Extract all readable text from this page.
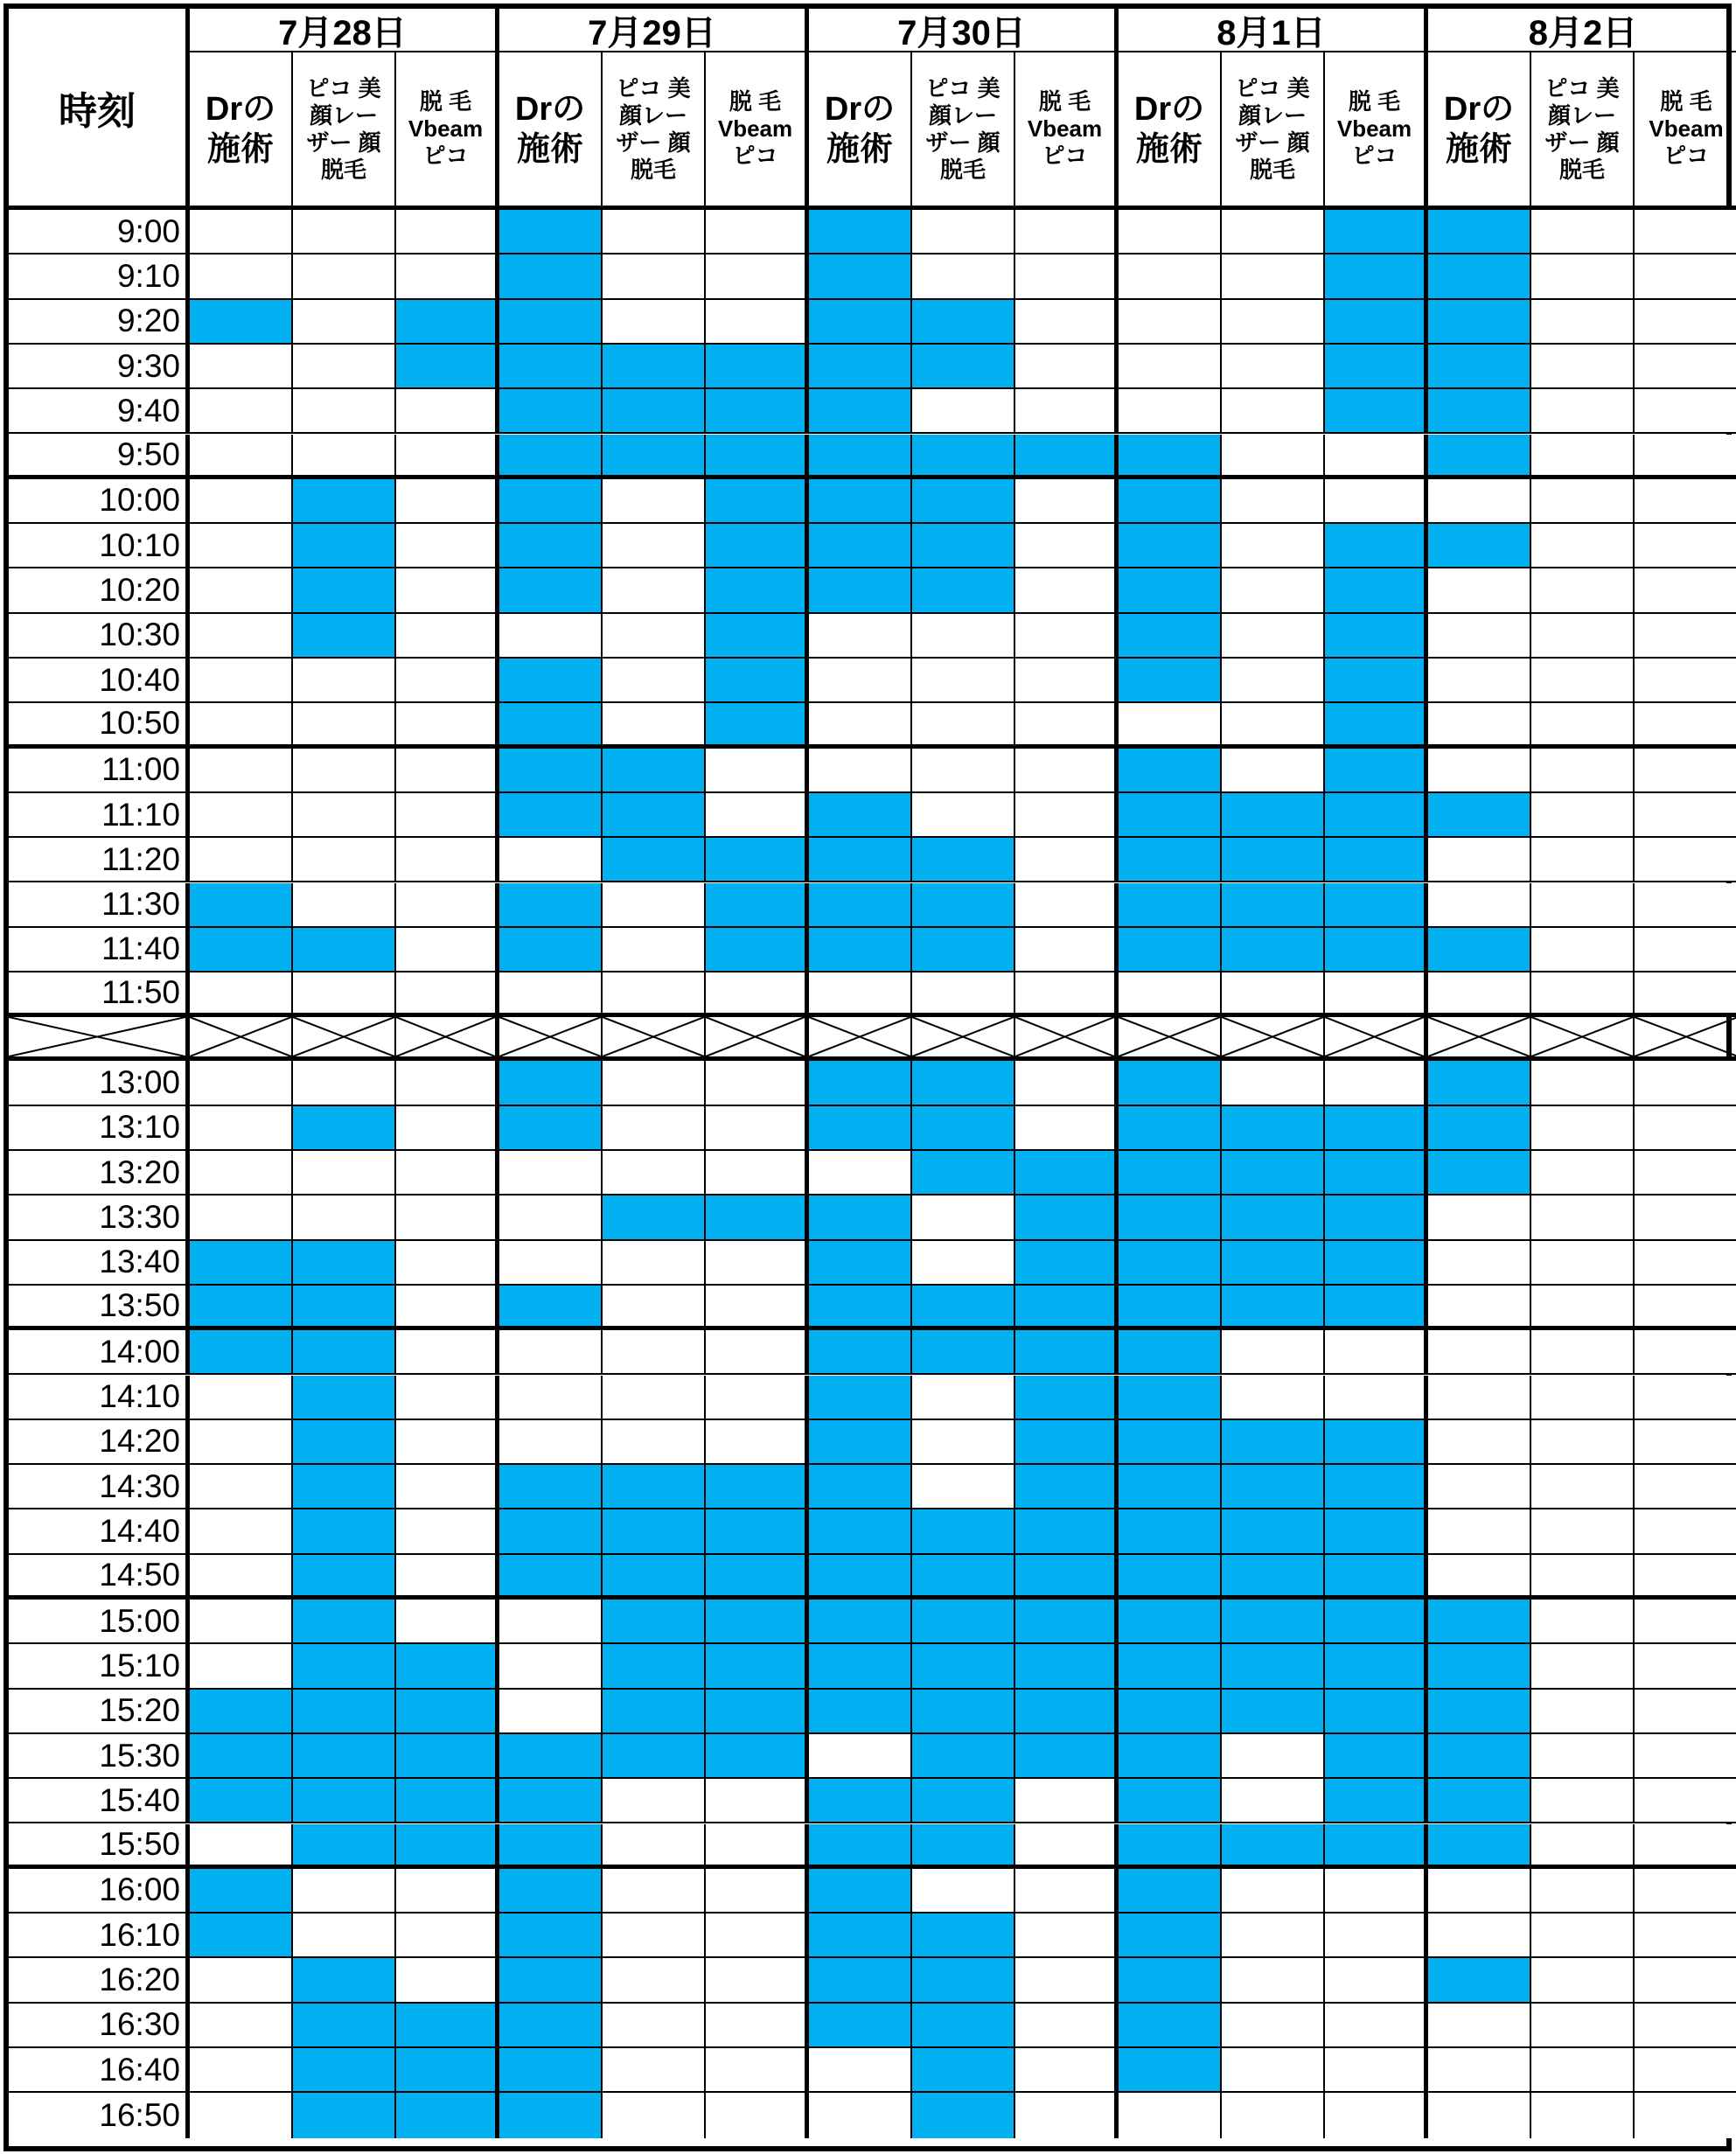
時刻
7月28日
Drの
施術
ピコ 美
顔レー
ザー 顔
脱毛
脱 毛
Vbeam
ピコ
7月29日
Drの
施術
ピコ 美
顔レー
ザー 顔
脱毛
脱 毛
Vbeam
ピコ
7月30日
Drの
施術
ピコ 美
顔レー
ザー 顔
脱毛
脱 毛
Vbeam
ピコ
8月1日
Drの
施術
ピコ 美
顔レー
ザー 顔
脱毛
脱 毛
Vbeam
ピコ
8月2日
Drの
施術
ピコ 美
顔レー
ザー 顔
脱毛
脱 毛
Vbeam
ピコ
9:00
9:10
9:20
9:30
9:40
9:50
10:00
10:10
10:20
10:30
10:40
10:50
11:00
11:10
11:20
11:30
11:40
11:50
13:00
13:10
13:20
13:30
13:40
13:50
14:00
14:10
14:20
14:30
14:40
14:50
15:00
15:10
15:20
15:30
15:40
15:50
16:00
16:10
16:20
16:30
16:40
16:50
